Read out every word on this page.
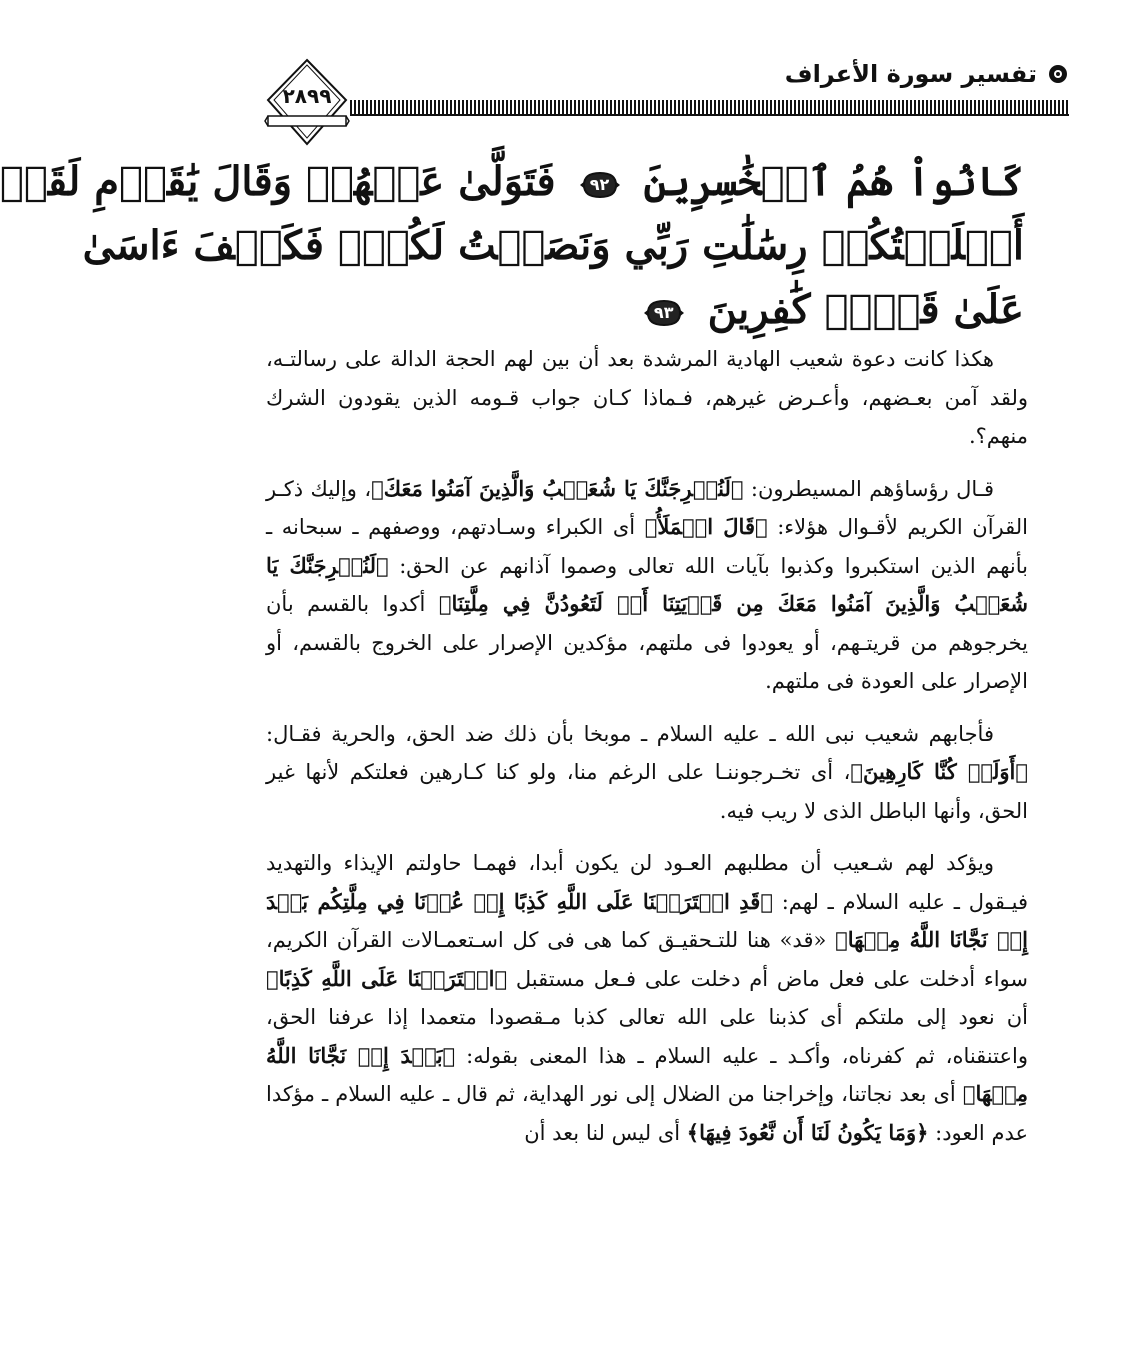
٢٨٩٩
تفسير سورة الأعراف
كَانُواْ هُمُ ٱلۡخَٰسِرِينَ
٩٢
فَتَوَلَّىٰ عَنۡهُمۡ وَقَالَ يَٰقَوۡمِ لَقَدۡ
أَبۡلَغۡتُكُمۡ رِسَٰلَٰتِ رَبِّي وَنَصَحۡتُ لَكُمۡۖ فَكَيۡفَ ءَاسَىٰ
عَلَىٰ قَوۡمٖ كَٰفِرِينَ
٩٣

هكذا كانت دعوة شعيب الهادية المرشدة بعد أن بين لهم الحجة الدالة على رسالتـه، ولقد آمن بعـضهم، وأعـرض غيرهم، فـماذا كـان جواب قـومه الذين يقودون الشرك منهم؟.

قـال رؤساؤهم المسيطرون: ﴿لَنُخۡرِجَنَّكَ يَا شُعَيۡبُ وَالَّذِينَ آمَنُوا مَعَكَ﴾، وإليك ذكـر القرآن الكريم لأقـوال هؤلاء: ﴿قَالَ الۡمَلَأُ﴾ أى الكبراء وسـادتهم، ووصفهم ـ سبحانه ـ بأنهم الذين استكبروا وكذبوا بآيات الله تعالى وصموا آذانهم عن الحق: ﴿لَنُخۡرِجَنَّكَ يَا شُعَيۡبُ وَالَّذِينَ آمَنُوا مَعَكَ مِن قَرۡيَتِنَا أَوۡ لَتَعُودُنَّ فِي مِلَّتِنَا﴾ أكدوا بالقسم بأن يخرجوهم من قريتـهم، أو يعودوا فى ملتهم، مؤكدين الإصرار على الخروج بالقسم، أو الإصرار على العودة فى ملتهم.

فأجابهم شعيب نبى الله ـ عليه السلام ـ موبخا بأن ذلك ضد الحق، والحرية فقـال: ﴿أَوَلَوۡ كُنَّا كَارِهِينَ﴾، أى تخـرجوننـا على الرغم منا، ولو كنا كـارهين فعلتكم لأنها غير الحق، وأنها الباطل الذى لا ريب فيه.

ويؤكد لهم شـعيب أن مطلبهم العـود لن يكون أبدا، فهمـا حاولتم الإيذاء والتهديد فيـقول ـ عليه السلام ـ لهم: ﴿قَدِ افۡتَرَيۡنَا عَلَى اللَّهِ كَذِبًا إِنۡ عُدۡنَا فِي مِلَّتِكُم بَعۡدَ إِذۡ نَجَّانَا اللَّهُ مِنۡهَا﴾ «قد» هنا للتـحقيـق كما هى فى كل اسـتعمـالات القرآن الكريم، سواء أدخلت على فعل ماض أم دخلت على فـعل مستقبل ﴿افۡتَرَيۡنَا عَلَى اللَّهِ كَذِبًا﴾ أن نعود إلى ملتكم أى كذبنا على الله تعالى كذبا مـقصودا متعمدا إذا عرفنا الحق، واعتنقناه، ثم كفرناه، وأكـد ـ عليه السلام ـ هذا المعنى بقوله: ﴿بَعۡدَ إِذۡ نَجَّانَا اللَّهُ مِنۡهَا﴾ أى بعد نجاتنا، وإخراجنا من الضلال إلى نور الهداية، ثم قال ـ عليه السلام ـ مؤكدا عدم العود: ﴿وَمَا يَكُونُ لَنَا أَن نَّعُودَ فِيهَا﴾ أى ليس لنا بعد أن
